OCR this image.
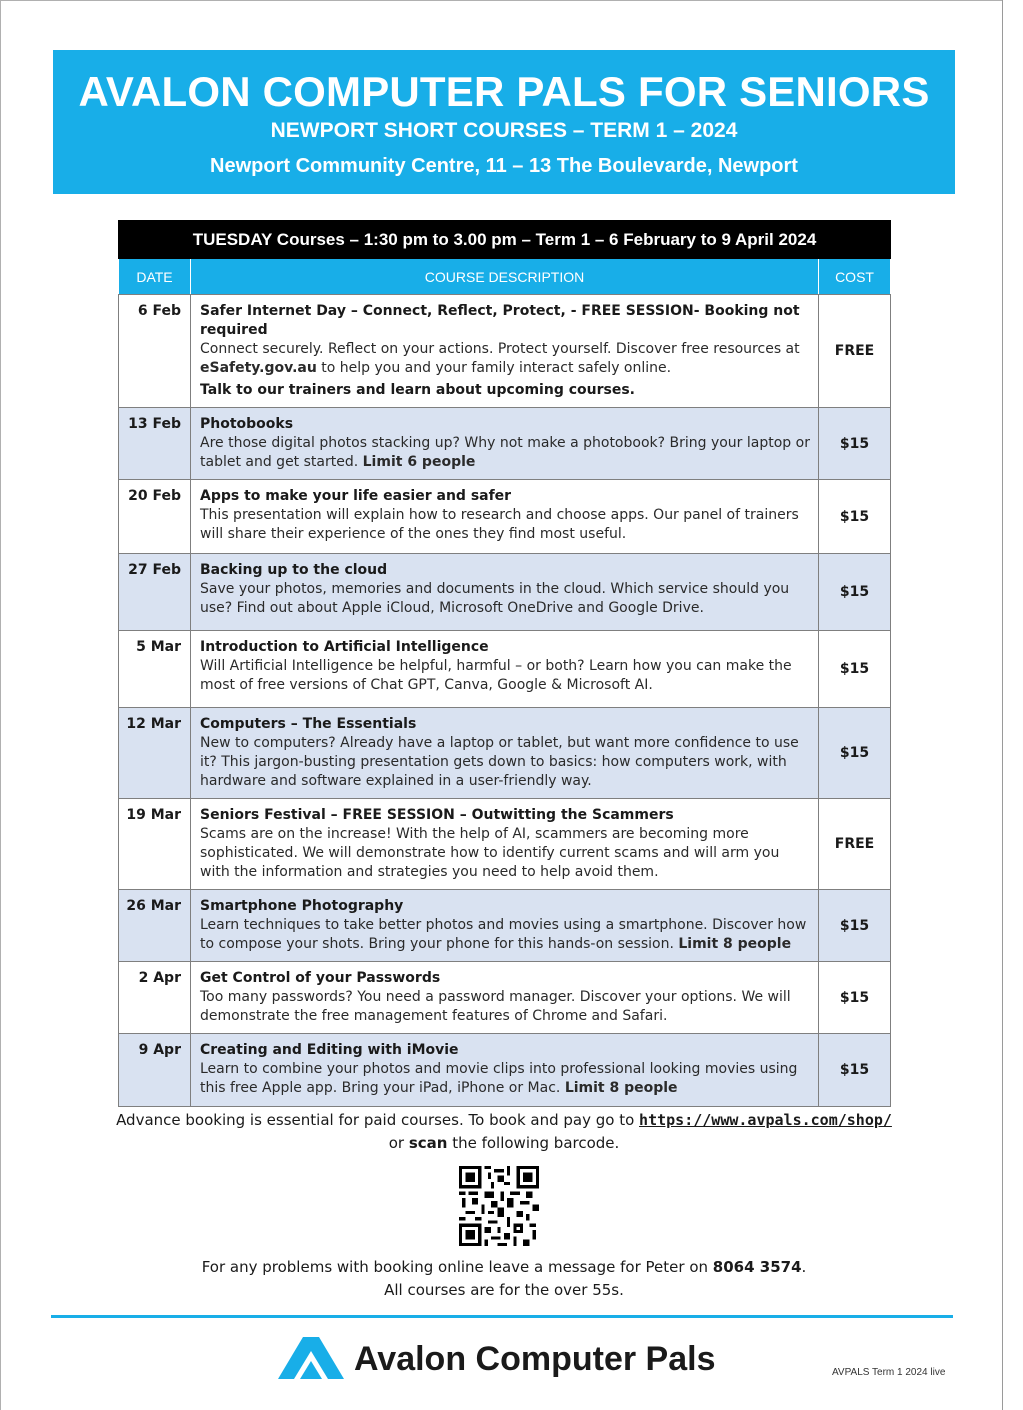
AVALON COMPUTER PALS FOR SENIORS
NEWPORT SHORT COURSES – TERM 1 – 2024
Newport Community Centre, 11 – 13 The Boulevarde, Newport
TUESDAY Courses – 1:30 pm to 3.00 pm – Term 1 – 6 February to 9 April 2024		
DATE	COURSE DESCRIPTION	COST
6 Feb	Safer Internet Day – Connect, Reflect, Protect, - FREE SESSION- Booking not required
Connect securely. Reflect on your actions. Protect yourself. Discover free resources at
eSafety.gov.au to help you and your family interact safely online.
Talk to our trainers and learn about upcoming courses.	FREE
13 Feb	Photobooks
Are those digital photos stacking up? Why not make a photobook? Bring your laptop or tablet and get started. Limit 6 people	$15
20 Feb	Apps to make your life easier and safer
This presentation will explain how to research and choose apps. Our panel of trainers will share their experience of the ones they find most useful.	$15
27 Feb	Backing up to the cloud
Save your photos, memories and documents in the cloud. Which service should you use? Find out about Apple iCloud, Microsoft OneDrive and Google Drive.	$15
5 Mar	Introduction to Artificial Intelligence
Will Artificial Intelligence be helpful, harmful – or both? Learn how you can make the most of free versions of Chat GPT, Canva, Google & Microsoft AI.	$15
12 Mar	Computers – The Essentials
New to computers? Already have a laptop or tablet, but want more confidence to use it? This jargon-busting presentation gets down to basics: how computers work, with hardware and software explained in a user-friendly way.	$15
19 Mar	Seniors Festival – FREE SESSION – Outwitting the Scammers
Scams are on the increase! With the help of AI, scammers are becoming more sophisticated. We will demonstrate how to identify current scams and will arm you with the information and strategies you need to help avoid them.	FREE
26 Mar	Smartphone Photography
Learn techniques to take better photos and movies using a smartphone. Discover how to compose your shots. Bring your phone for this hands-on session. Limit 8 people	$15
2 Apr	Get Control of your Passwords
Too many passwords? You need a password manager. Discover your options. We will demonstrate the free management features of Chrome and Safari.	$15
9 Apr	Creating and Editing with iMovie
Learn to combine your photos and movie clips into professional looking movies using this free Apple app. Bring your iPad, iPhone or Mac. Limit 8 people	$15
Advance booking is essential for paid courses. To book and pay go to https://www.avpals.com/shop/
or scan the following barcode.
For any problems with booking online leave a message for Peter on 8064 3574.
All courses are for the over 55s.
Avalon Computer Pals	AVPALS Term 1 2024 live
